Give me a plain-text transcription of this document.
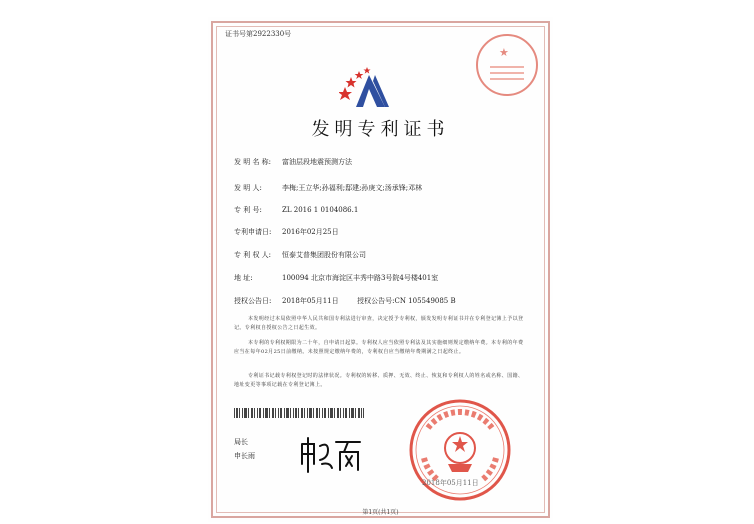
证书号第2922330号
★
发明专利证书
发 明 名 称: 富油层段地震预测方法
发 明 人:	李梅;王立华;孙福利;邸建;孙庚文;汤承锋;邓林
专 利 号:	ZL 2016 1 0104086.1
专利申请日: 2016年02月25日
专 利 权 人: 恒泰艾普集团股份有限公司
地 址:	100094 北京市海淀区丰秀中路3号院4号楼401室
授权公告日: 2018年05月11日	授权公告号:CN 105549085 B
本发明经过本局依照中华人民共和国专利法进行审查，决定授予专利权，颁发发明专利证书并在专利登记簿上予以登记。专利权自授权公告之日起生效。
本专利的专利权期限为二十年，自申请日起算。专利权人应当依照专利法及其实施细则规定缴纳年费。本专利的年费应当在每年02月25日前缴纳。未按照规定缴纳年费的，专利权自应当缴纳年费期满之日起终止。
专利证书记载专利权登记时的法律状况。专利权的转移、质押、无效、终止、恢复和专利权人的姓名或名称、国籍、地址变更等事项记载在专利登记簿上。
局长
申长雨
2018年05月11日
第1页(共1页)
